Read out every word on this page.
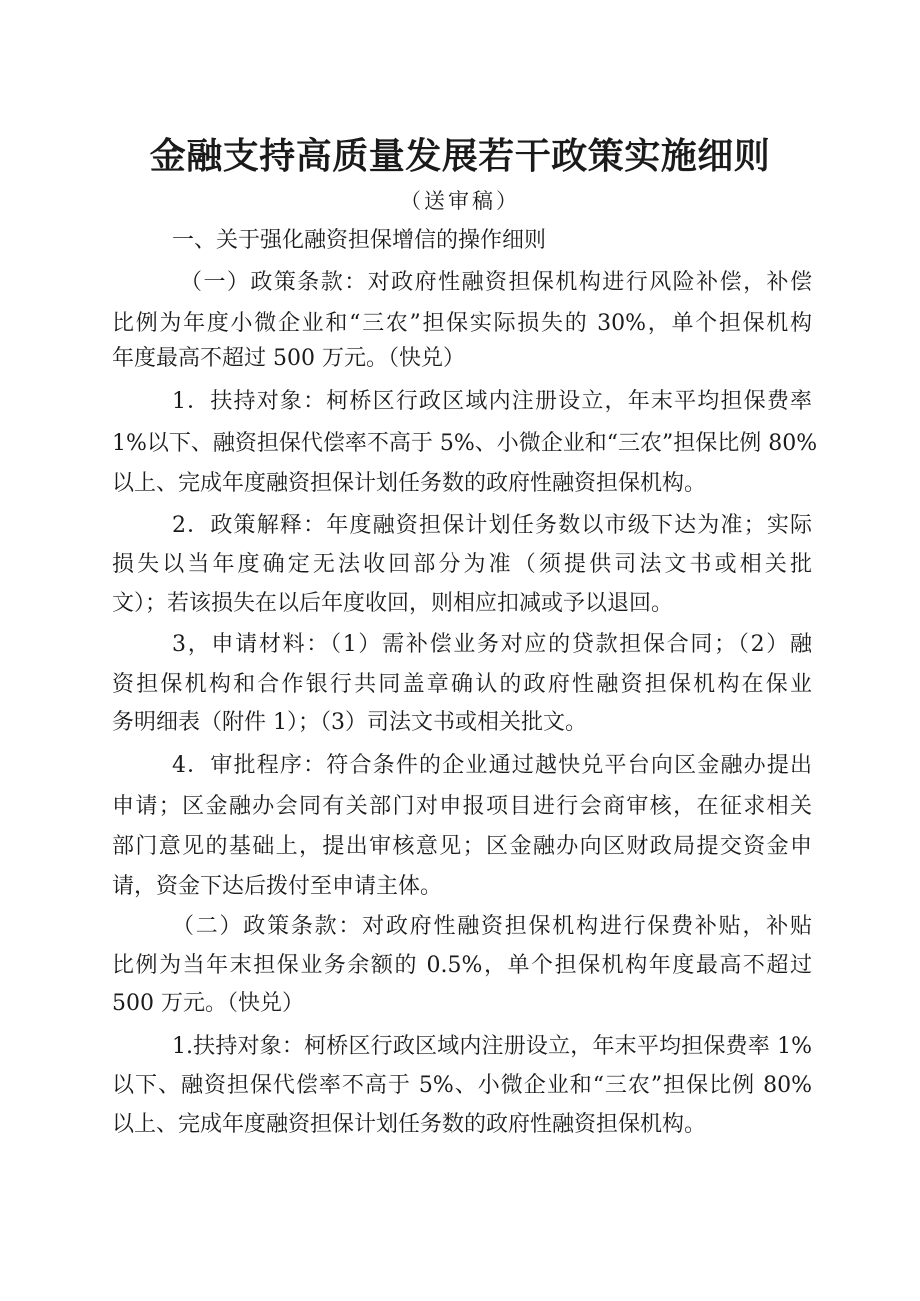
金融支持高质量发展若干政策实施细则
（送审稿）
一、关于强化融资担保增信的操作细则
（一）政策条款：对政府性融资担保机构进行风险补偿，补偿
比例为年度小微企业和“三农”担保实际损失的 30%，单个担保机构
年度最高不超过 500 万元。（快兑）
1．扶持对象：柯桥区行政区域内注册设立，年末平均担保费率
1%以下、融资担保代偿率不高于 5%、小微企业和“三农”担保比例 80%
以上、完成年度融资担保计划任务数的政府性融资担保机构。
2．政策解释：年度融资担保计划任务数以市级下达为准；实际
损失以当年度确定无法收回部分为准（须提供司法文书或相关批
文）；若该损失在以后年度收回，则相应扣减或予以退回。
3，申请材料：（1）需补偿业务对应的贷款担保合同；（2）融
资担保机构和合作银行共同盖章确认的政府性融资担保机构在保业
务明细表（附件 1）；（3）司法文书或相关批文。
4．审批程序：符合条件的企业通过越快兑平台向区金融办提出
申请；区金融办会同有关部门对申报项目进行会商审核，在征求相关
部门意见的基础上，提出审核意见；区金融办向区财政局提交资金申
请，资金下达后拨付至申请主体。
（二）政策条款：对政府性融资担保机构进行保费补贴，补贴
比例为当年末担保业务余额的 0.5%，单个担保机构年度最高不超过
500 万元。（快兑）
1.扶持对象：柯桥区行政区域内注册设立，年末平均担保费率 1%
以下、融资担保代偿率不高于 5%、小微企业和“三农”担保比例 80%
以上、完成年度融资担保计划任务数的政府性融资担保机构。
